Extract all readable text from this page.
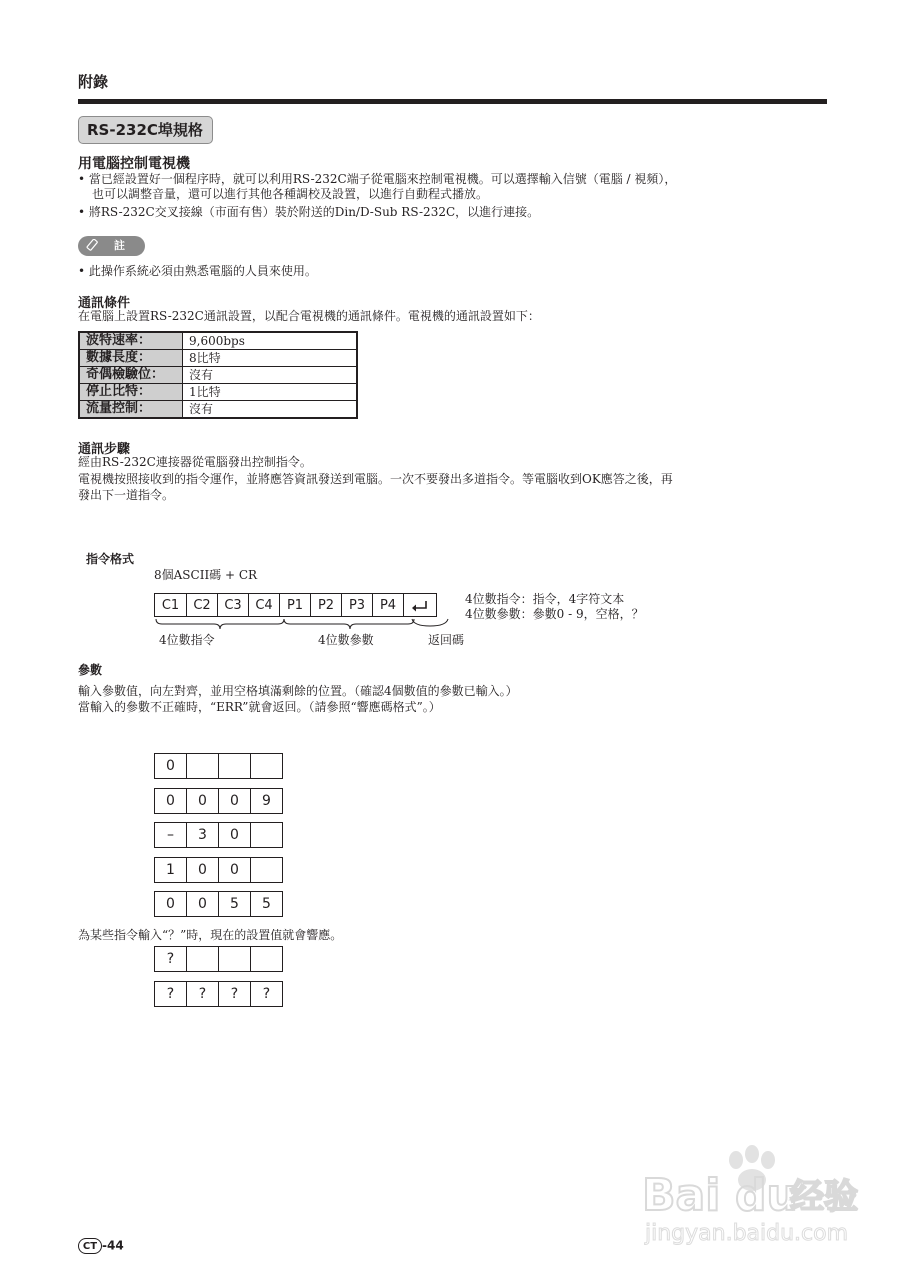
附錄
RS-232C埠規格
用電腦控制電視機
• 當已經設置好一個程序時，就可以利用RS-232C端子從電腦來控制電視機。可以選擇輸入信號（電腦 / 視頻），
也可以調整音量，還可以進行其他各種調校及設置，以進行自動程式播放。
• 將RS-232C交叉接線（市面有售）裝於附送的Din/D-Sub RS-232C，以進行連接。
註
• 此操作系統必須由熟悉電腦的人員來使用。
通訊條件
在電腦上設置RS-232C通訊設置，以配合電視機的通訊條件。電視機的通訊設置如下：
波特速率：	9,600bps
數據長度：	8比特
奇偶檢驗位：	沒有
停止比特：	1比特
流量控制：	沒有
通訊步驟
經由RS-232C連接器從電腦發出控制指令。
電視機按照接收到的指令運作，並將應答資訊發送到電腦。一次不要發出多道指令。等電腦收到OK應答之後，再
發出下一道指令。
指令格式
8個ASCII碼 + CR
C1	C2	C3	C4	P1	P2	P3	P4
4位數指令	4位數參數	返回碼
4位數指令：指令，4字符文本
4位數參數：參數0 - 9，空格，？
參數
輸入參數值，向左對齊，並用空格填滿剩餘的位置。（確認4個數值的參數已輸入。）
當輸入的參數不正確時，“ERR”就會返回。（請參照“響應碼格式”。）
0
0	0	0	9
–	3	0
1	0	0
0	0	5	5
為某些指令輸入“？”時，現在的設置值就會響應。
?
?	?	?	?
Bai du
经验
jingyan.baidu.com
CT -44
